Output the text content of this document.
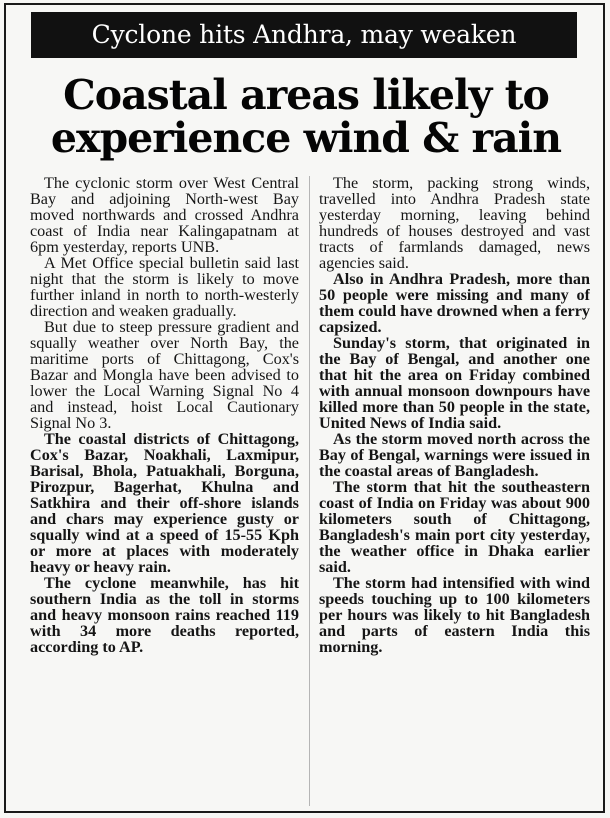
Cyclone hits Andhra, may weaken
Coastal areas likely to
experience wind & rain

The cyclonic storm over West Central Bay and adjoining North-west Bay moved northwards and crossed Andhra coast of India near Kalingapatnam at 6pm yesterday, reports UNB.

A Met Office special bulletin said last night that the storm is likely to move further inland in north to north-westerly direction and weaken gradually.

But due to steep pressure gradient and squally weather over North Bay, the maritime ports of Chittagong, Cox's Bazar and Mongla have been advised to lower the Local Warning Signal No 4 and instead, hoist Local Cautionary Signal No 3.

The coastal districts of Chittagong, Cox's Bazar, Noakhali, Laxmipur, Barisal, Bhola, Patuakhali, Borguna, Pirozpur, Bagerhat, Khulna and Satkhira and their off-shore islands and chars may experience gusty or squally wind at a speed of 15-55 Kph or more at places with moderately heavy or heavy rain.

The cyclone meanwhile, has hit southern India as the toll in storms and heavy monsoon rains reached 119 with 34 more deaths reported, according to AP.

The storm, packing strong winds, travelled into Andhra Pradesh state yesterday morning, leaving behind hundreds of houses destroyed and vast tracts of farmlands damaged, news agencies said.

Also in Andhra Pradesh, more than 50 people were missing and many of them could have drowned when a ferry capsized.

Sunday's storm, that originated in the Bay of Bengal, and another one that hit the area on Friday combined with annual monsoon downpours have killed more than 50 people in the state, United News of India said.

As the storm moved north across the Bay of Bengal, warnings were issued in the coastal areas of Bangladesh.

The storm that hit the southeastern coast of India on Friday was about 900 kilometers south of Chittagong, Bangladesh's main port city yesterday, the weather office in Dhaka earlier said.

The storm had intensified with wind speeds touching up to 100 kilometers per hours was likely to hit Bangladesh and parts of eastern India this morning.
